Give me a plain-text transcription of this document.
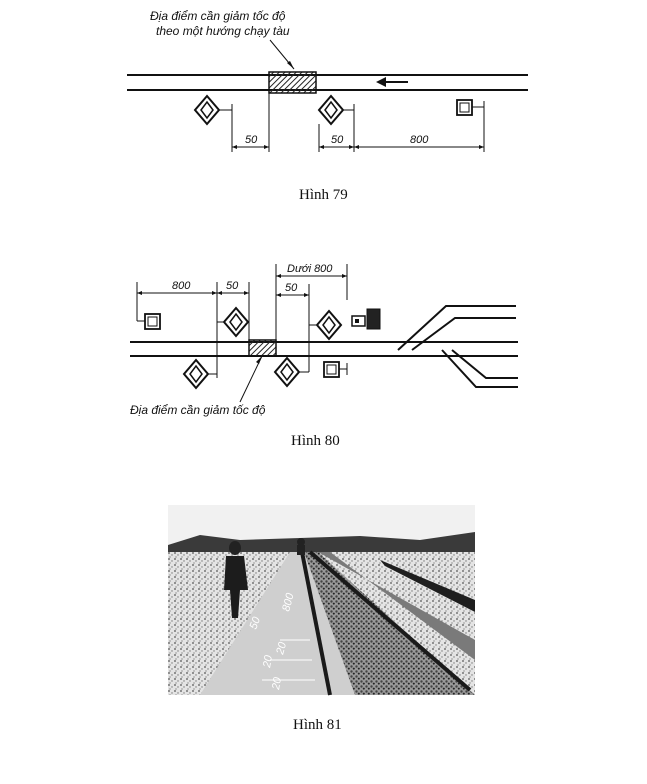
Địa điểm cần giảm tốc độ
theo một hướng chạy tàu
50	50	800
Hình 79
800	50
Dưới 800
50
Địa điểm cần giảm tốc độ
Hình 80
800
50
20
20
20
Hình 81
